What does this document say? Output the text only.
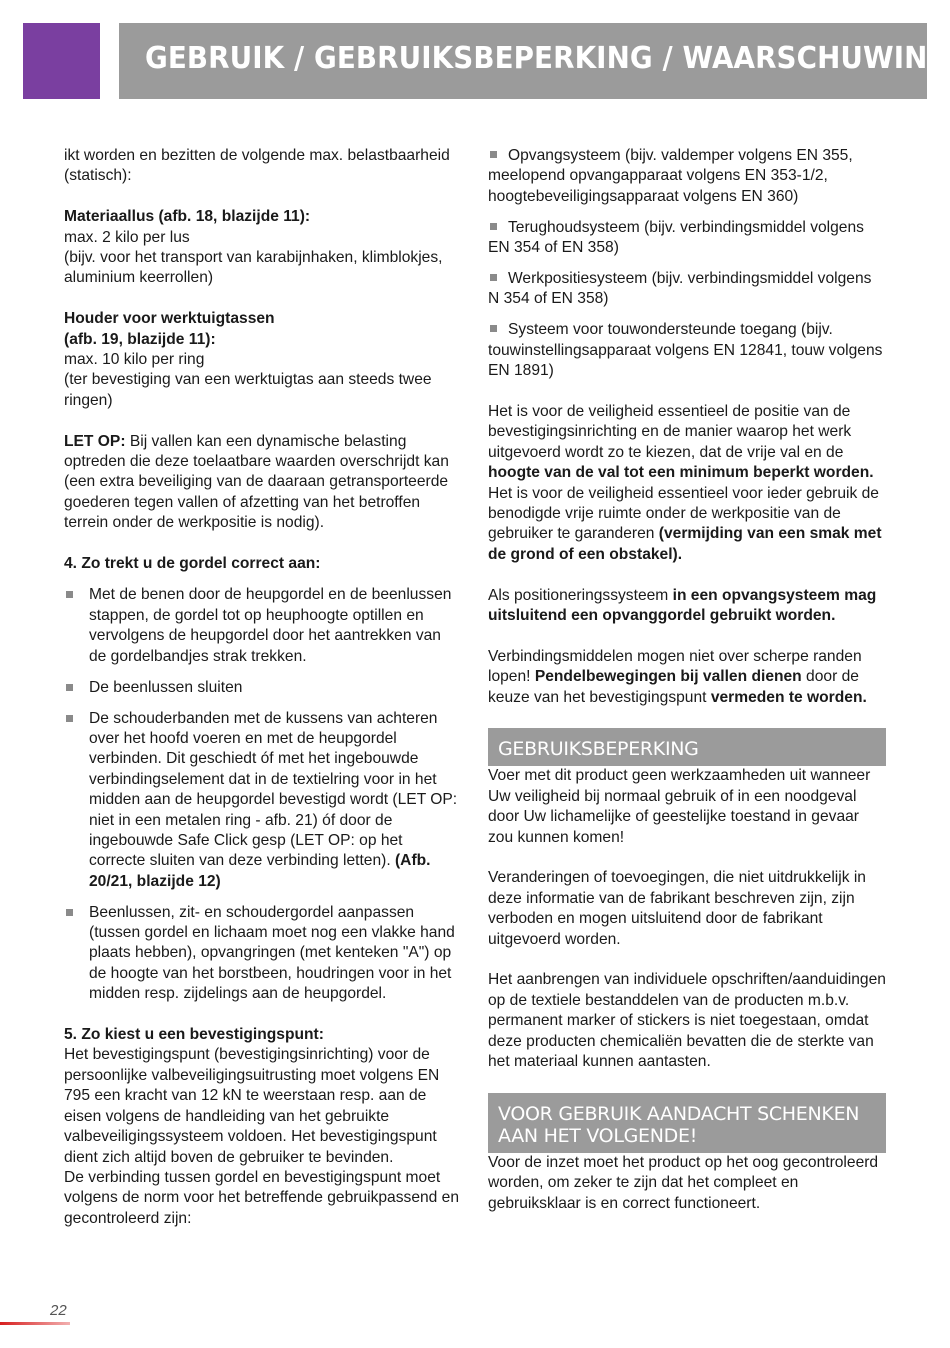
GEBRUIK / GEBRUIKSBEPERKING / WAARSCHUWING

ikt worden en bezitten de volgende max. belastbaarheid (statisch):

Materiaallus (afb. 18, blazijde 11):
max. 2 kilo per lus
(bijv. voor het transport van karabijnhaken, klimblokjes, aluminium keerrollen)

Houder voor werktuigtassen
(afb. 19, blazijde 11):
max. 10 kilo per ring
(ter bevestiging van een werktuigtas aan steeds twee ringen)

LET OP: Bij vallen kan een dynamische belasting optreden die deze toelaatbare waarden overschrijdt kan (een extra beveiliging van de daaraan getransporteerde goederen tegen vallen of afzetting van het betroffen terrein onder de werkpositie is nodig).

4. Zo trekt u de gordel correct aan:

Met de benen door de heupgordel en de beenlussen stappen, de gordel tot op heuphoogte optillen en vervolgens de heupgordel door het aantrekken van de gordelbandjes strak trekken.
De beenlussen sluiten
De schouderbanden met de kussens van achteren over het hoofd voeren en met de heupgordel verbinden. Dit geschiedt óf met het ingebouwde verbindingselement dat in de textielring voor in het midden aan de heupgordel bevestigd wordt (LET OP: niet in een metalen ring - afb. 21) óf door de ingebouwde Safe Click gesp (LET OP: op het correcte sluiten van deze verbinding letten). (Afb. 20/21, blazijde 12)
Beenlussen, zit- en schoudergordel aanpassen (tussen gordel en lichaam moet nog een vlakke hand plaats hebben), opvangringen (met kenteken "A") op de hoogte van het borstbeen, houdringen voor in het midden resp. zijdelings aan de heupgordel.

5. Zo kiest u een bevestigingspunt:

Het bevestigingspunt (bevestigingsinrichting) voor de persoonlijke valbeveiligingsuitrusting moet volgens EN 795 een kracht van 12 kN te weerstaan resp. aan de eisen volgens de handleiding van het gebruikte valbeveiligingssysteem voldoen. Het bevestigingspunt dient zich altijd boven de gebruiker te bevinden.

De verbinding tussen gordel en bevestigingspunt moet volgens de norm voor het betreffende gebruikpassend en gecontroleerd zijn:

Opvangsysteem (bijv. valdemper volgens EN 355, meelopend opvangapparaat volgens EN 353-1/2, hoogtebeveiligingsapparaat volgens EN 360)
Terughoudsysteem (bijv. verbindingsmiddel volgens EN 354 of EN 358)
Werkpositiesysteem (bijv. verbindingsmiddel volgens N 354 of EN 358)
Systeem voor touwondersteunde toegang (bijv. touwinstellingsapparaat volgens EN 12841, touw volgens EN 1891)

Het is voor de veiligheid essentieel de positie van de bevestigingsinrichting en de manier waarop het werk uitgevoerd wordt zo te kiezen, dat de vrije val en de hoogte van de val tot een minimum beperkt worden. Het is voor de veiligheid essentieel voor ieder gebruik de benodigde vrije ruimte onder de werkpositie van de gebruiker te garanderen (vermijding van een smak met de grond of een obstakel).

Als positioneringssysteem in een opvangsysteem mag uitsluitend een opvanggordel gebruikt worden.

Verbindingsmiddelen mogen niet over scherpe randen lopen! Pendelbewegingen bij vallen dienen door de keuze van het bevestigingspunt vermeden te worden.

GEBRUIKSBEPERKING

Voer met dit product geen werkzaamheden uit wanneer Uw veiligheid bij normaal gebruik of in een noodgeval door Uw lichamelijke of geestelijke toestand in gevaar zou kunnen komen!

Veranderingen of toevoegingen, die niet uitdrukkelijk in deze informatie van de fabrikant beschreven zijn, zijn verboden en mogen uitsluitend door de fabrikant uitgevoerd worden.

Het aanbrengen van individuele opschriften/aanduidingen op de textiele bestanddelen van de producten m.b.v. permanent marker of stickers is niet toegestaan, omdat deze producten chemicaliën bevatten die de sterkte van het materiaal kunnen aantasten.

VOOR GEBRUIK AANDACHT SCHENKEN
AAN HET VOLGENDE!

Voor de inzet moet het product op het oog gecontroleerd worden, om zeker te zijn dat het compleet en gebruiksklaar is en correct functioneert.

22
